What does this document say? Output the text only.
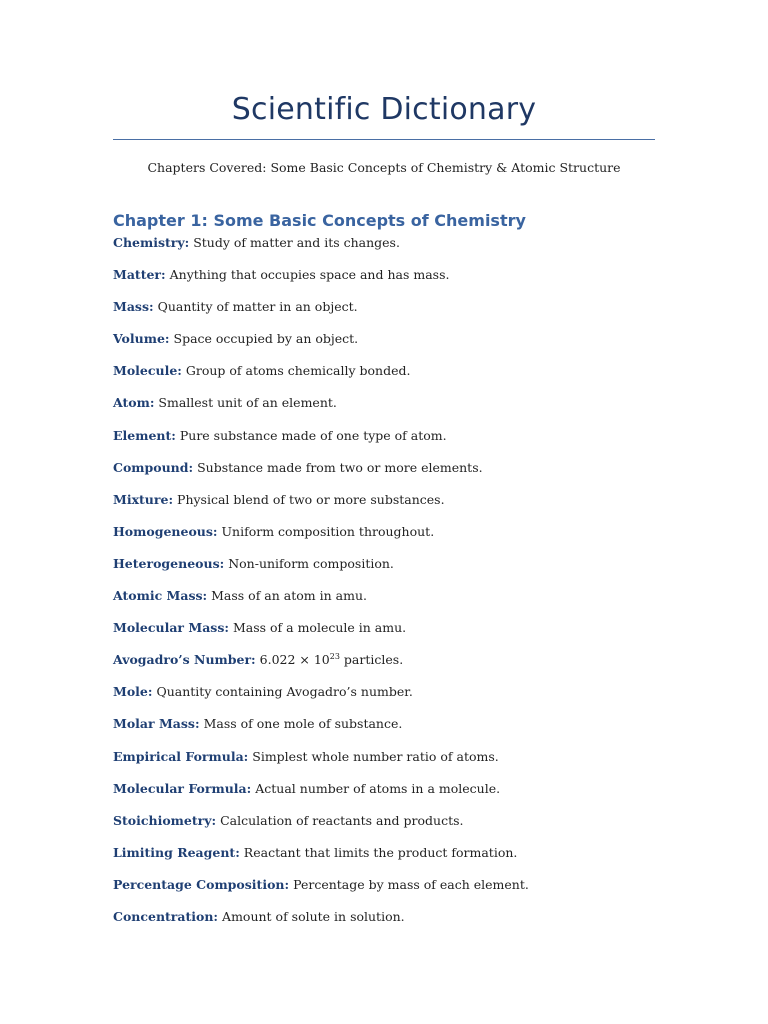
Scientific Dictionary
Chapters Covered: Some Basic Concepts of Chemistry & Atomic Structure
Chapter 1: Some Basic Concepts of Chemistry
Chemistry: Study of matter and its changes.
Matter: Anything that occupies space and has mass.
Mass: Quantity of matter in an object.
Volume: Space occupied by an object.
Molecule: Group of atoms chemically bonded.
Atom: Smallest unit of an element.
Element: Pure substance made of one type of atom.
Compound: Substance made from two or more elements.
Mixture: Physical blend of two or more substances.
Homogeneous: Uniform composition throughout.
Heterogeneous: Non-uniform composition.
Atomic Mass: Mass of an atom in amu.
Molecular Mass: Mass of a molecule in amu.
Avogadro’s Number: $6.022 \times 10^{23}$ particles.
Mole: Quantity containing Avogadro’s number.
Molar Mass: Mass of one mole of substance.
Empirical Formula: Simplest whole number ratio of atoms.
Molecular Formula: Actual number of atoms in a molecule.
Stoichiometry: Calculation of reactants and products.
Limiting Reagent: Reactant that limits the product formation.
Percentage Composition: Percentage by mass of each element.
Concentration: Amount of solute in solution.
